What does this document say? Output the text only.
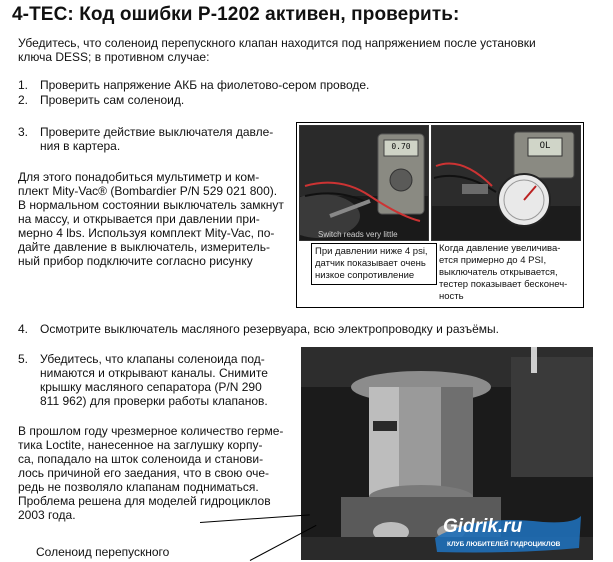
4-TEC: Код ошибки P-1202 активен, проверить:
Убедитесь, что соленоид перепускного клапан находится под напряжением после установки
ключа DESS; в противном случае:
1. Проверить напряжение АКБ на фиолетово-сером проводе.
2. Проверить сам соленоид.
3. Проверите действие выключателя давле-
ния в картера.
Для этого понадобиться мультиметр и ком-
плект Mity-Vac® (Bombardier P/N 529 021 800).
В нормальном состоянии выключатель замкнут
на массу, и открывается при давлении при-
мерно 4 lbs. Используя комплект Mity-Vac, по-
дайте давление в выключатель, измеритель-
ный прибор подключите согласно рисунку
0.70
Switch reads very little
OL
При давлении ниже 4 psi,
датчик показывает очень
низкое сопротивление
Когда давление увеличива-
ется примерно до 4 PSI,
выключатель открывается,
тестер показывает бесконеч-
ность
4. Осмотрите выключатель масляного резервуара, всю электропроводку и разъёмы.
5. Убедитесь, что клапаны соленоида под-
нимаются и открывают каналы. Снимите
крышку масляного сепаратора (P/N 290
811 962) для проверки работы клапанов.
В прошлом году чрезмерное количество герме-
тика Loctite, нанесенное на заглушку корпу-
са, попадало на шток соленоида и станови-
лось причиной его заедания, что в свою оче-
редь не позволяло клапанам подниматься.
Проблема решена для моделей гидроциклов
2003 года.
Соленоид перепускного
Gidrik.ru
КЛУБ ЛЮБИТЕЛЕЙ ГИДРОЦИКЛОВ
